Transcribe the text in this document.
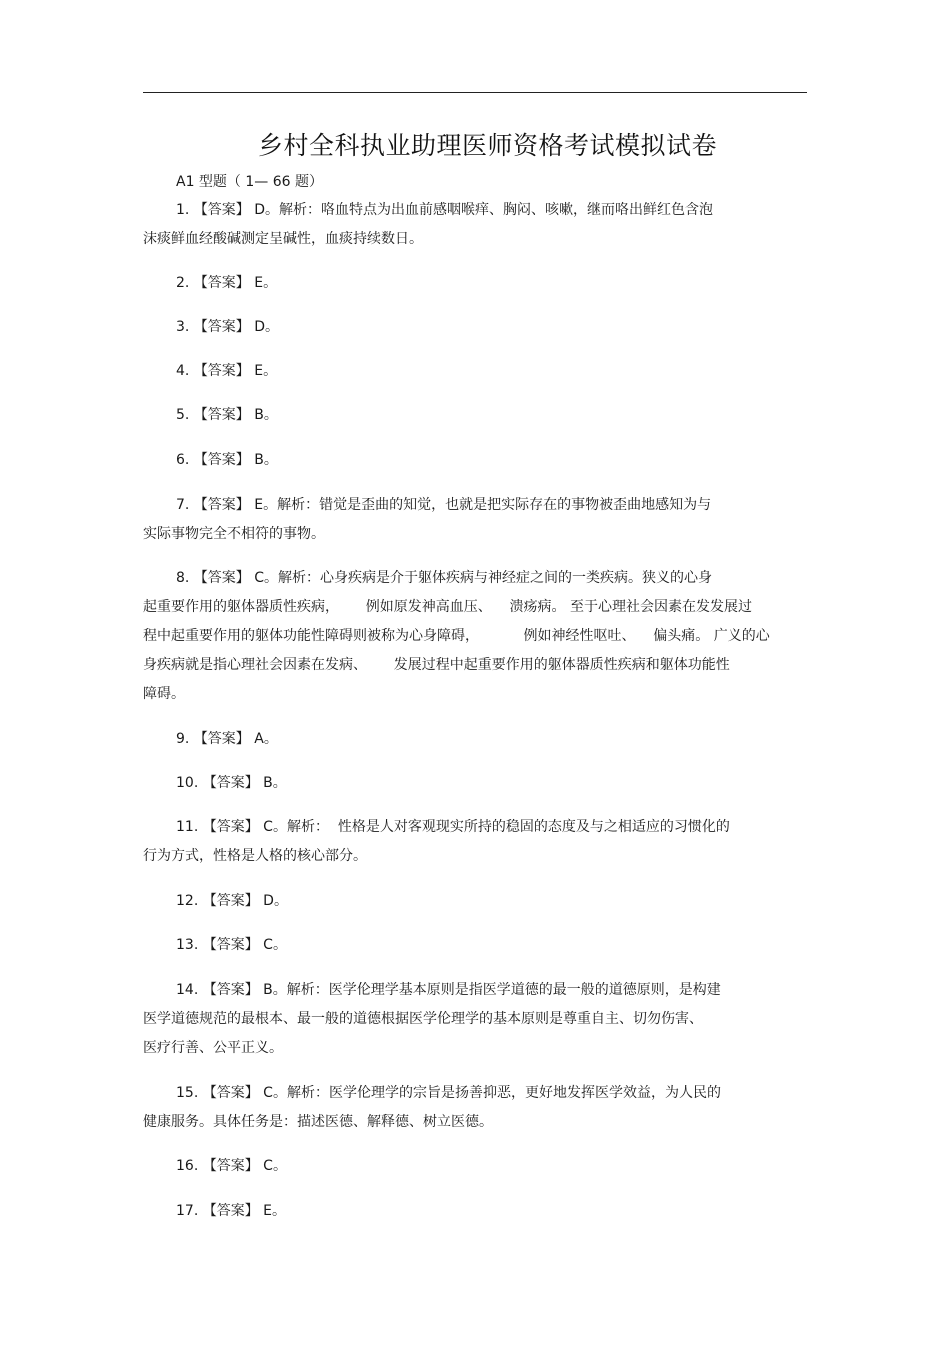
乡村全科执业助理医师资格考试模拟试卷
A1 型题（ 1— 66 题）
1. 【答案】 D。解析：咯血特点为出血前感咽喉痒、胸闷、咳嗽，继而咯出鲜红色含泡
沫痰鲜血经酸碱测定呈碱性，血痰持续数日。
2. 【答案】 E。
3. 【答案】 D。
4. 【答案】 E。
5. 【答案】 B。
6. 【答案】 B。
7. 【答案】 E。解析：错觉是歪曲的知觉，也就是把实际存在的事物被歪曲地感知为与
实际事物完全不相符的事物。
8. 【答案】 C。解析：心身疾病是介于躯体疾病与神经症之间的一类疾病。狭义的心身
起重要作用的躯体器质性疾病，      例如原发神高血压、    溃疡病。 至于心理社会因素在发发展过
程中起重要作用的躯体功能性障碍则被称为心身障碍，          例如神经性呕吐、    偏头痛。 广义的心
身疾病就是指心理社会因素在发病、      发展过程中起重要作用的躯体器质性疾病和躯体功能性
障碍。
9. 【答案】 A。
10. 【答案】 B。
11. 【答案】 C。解析：  性格是人对客观现实所持的稳固的态度及与之相适应的习惯化的
行为方式，性格是人格的核心部分。
12. 【答案】 D。
13. 【答案】 C。
14. 【答案】 B。解析：医学伦理学基本原则是指医学道德的最一般的道德原则，是构建
医学道德规范的最根本、最一般的道德根据医学伦理学的基本原则是尊重自主、切勿伤害、
医疗行善、公平正义。
15. 【答案】 C。解析：医学伦理学的宗旨是扬善抑恶，更好地发挥医学效益，为人民的
健康服务。具体任务是：描述医德、解释德、树立医德。
16. 【答案】 C。
17. 【答案】 E。
